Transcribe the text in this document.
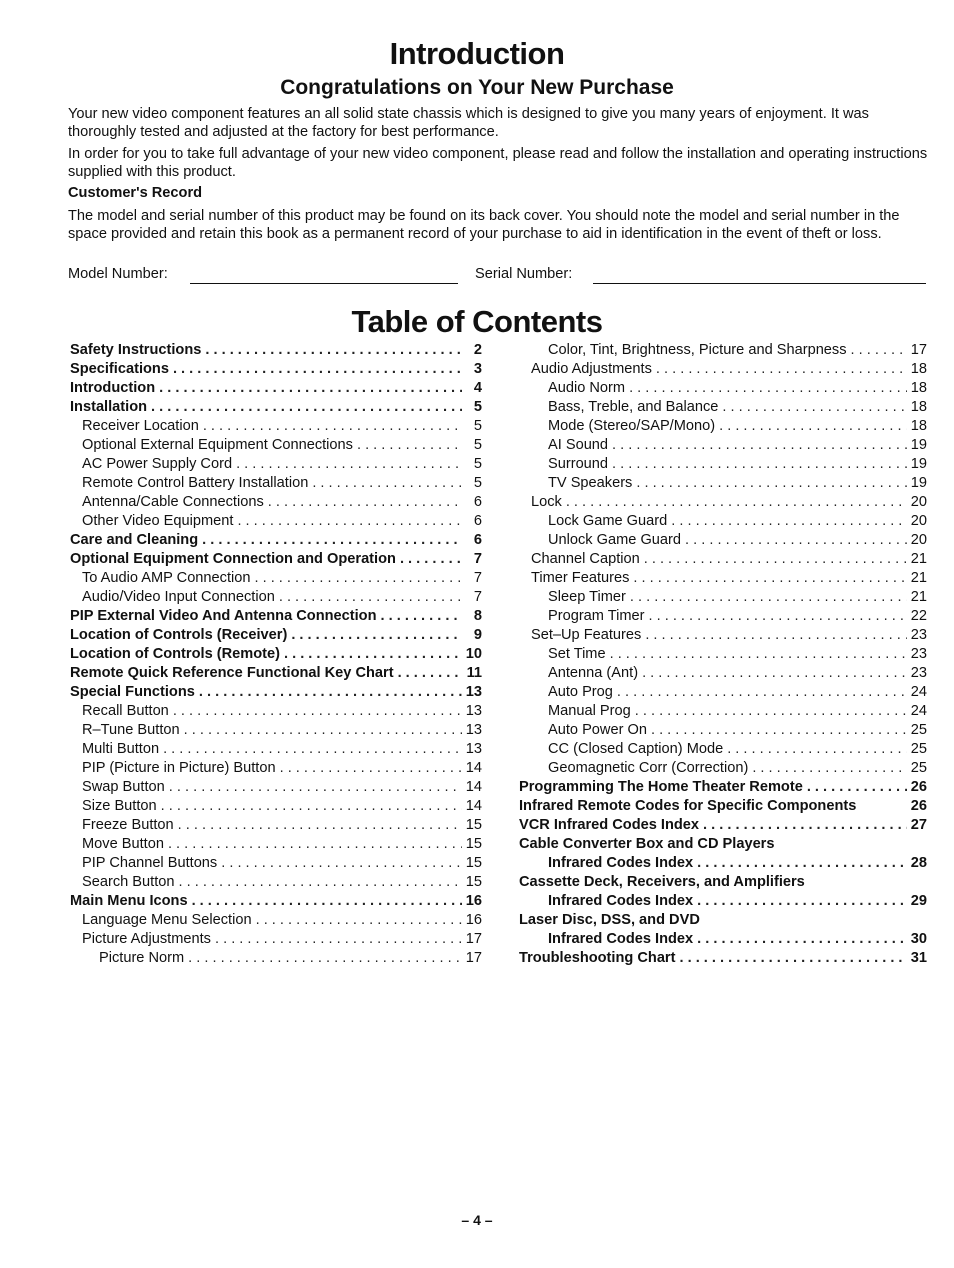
Introduction
Congratulations on Your New Purchase
Your new video component features an all solid state chassis which is designed to give you many years of enjoyment. It was thoroughly tested and adjusted at the factory for best performance.
In order for you to take full advantage of your new video component, please read and follow the installation and operating instructions supplied with this product.
Customer's Record
The model and serial number of this product may be found on its back cover. You should note the model and serial number in the space provided and retain this book as a permanent record of your purchase to aid in identification in the event of theft or loss.
Model Number:	Serial Number:
Table of Contents
Safety Instructions . . .	2
Specifications . . .	3
Introduction . . .	4
Installation . . .	5
Receiver Location . . .	5
Optional External Equipment Connections . . .	5
AC Power Supply Cord . . .	5
Remote Control Battery Installation . . .	5
Antenna/Cable Connections . . .	6
Other Video Equipment . . .	6
Care and Cleaning . . .	6
Optional Equipment Connection and Operation . . .	7
To Audio AMP Connection . . .	7
Audio/Video Input Connection . . .	7
PIP External Video And Antenna Connection . . .	8
Location of Controls (Receiver) . . .	9
Location of Controls (Remote) . . .	10
Remote Quick Reference Functional Key Chart . . .	11
Special Functions . . .	13
Recall Button . . .	13
R–Tune Button . . .	13
Multi Button . . .	13
PIP (Picture in Picture) Button . . .	14
Swap Button . . .	14
Size Button . . .	14
Freeze Button . . .	15
Move Button . . .	15
PIP Channel Buttons . . .	15
Search Button . . .	15
Main Menu Icons . . .	16
Language Menu Selection . . .	16
Picture Adjustments . . .	17
Picture Norm . . .	17
Color, Tint, Brightness, Picture and Sharpness . . .	17
Audio Adjustments . . .	18
Audio Norm . . .	18
Bass, Treble, and Balance . . .	18
Mode (Stereo/SAP/Mono) . . .	18
AI Sound . . .	19
Surround . . .	19
TV Speakers . . .	19
Lock . . .	20
Lock Game Guard . . .	20
Unlock Game Guard . . .	20
Channel Caption . . .	21
Timer Features . . .	21
Sleep Timer . . .	21
Program Timer . . .	22
Set–Up Features . . .	23
Set Time . . .	23
Antenna (Ant) . . .	23
Auto Prog . . .	24
Manual Prog . . .	24
Auto Power On . . .	25
CC (Closed Caption) Mode . . .	25
Geomagnetic Corr (Correction) . . .	25
Programming The Home Theater Remote . . .	26
Infrared Remote Codes for Specific Components	26
VCR Infrared Codes Index . . .	27
Cable Converter Box and CD Players
Infrared Codes Index . . .	28
Cassette Deck, Receivers, and Amplifiers
Infrared Codes Index . . .	29
Laser Disc, DSS, and DVD
Infrared Codes Index . . .	30
Troubleshooting Chart . . .	31
– 4 –
